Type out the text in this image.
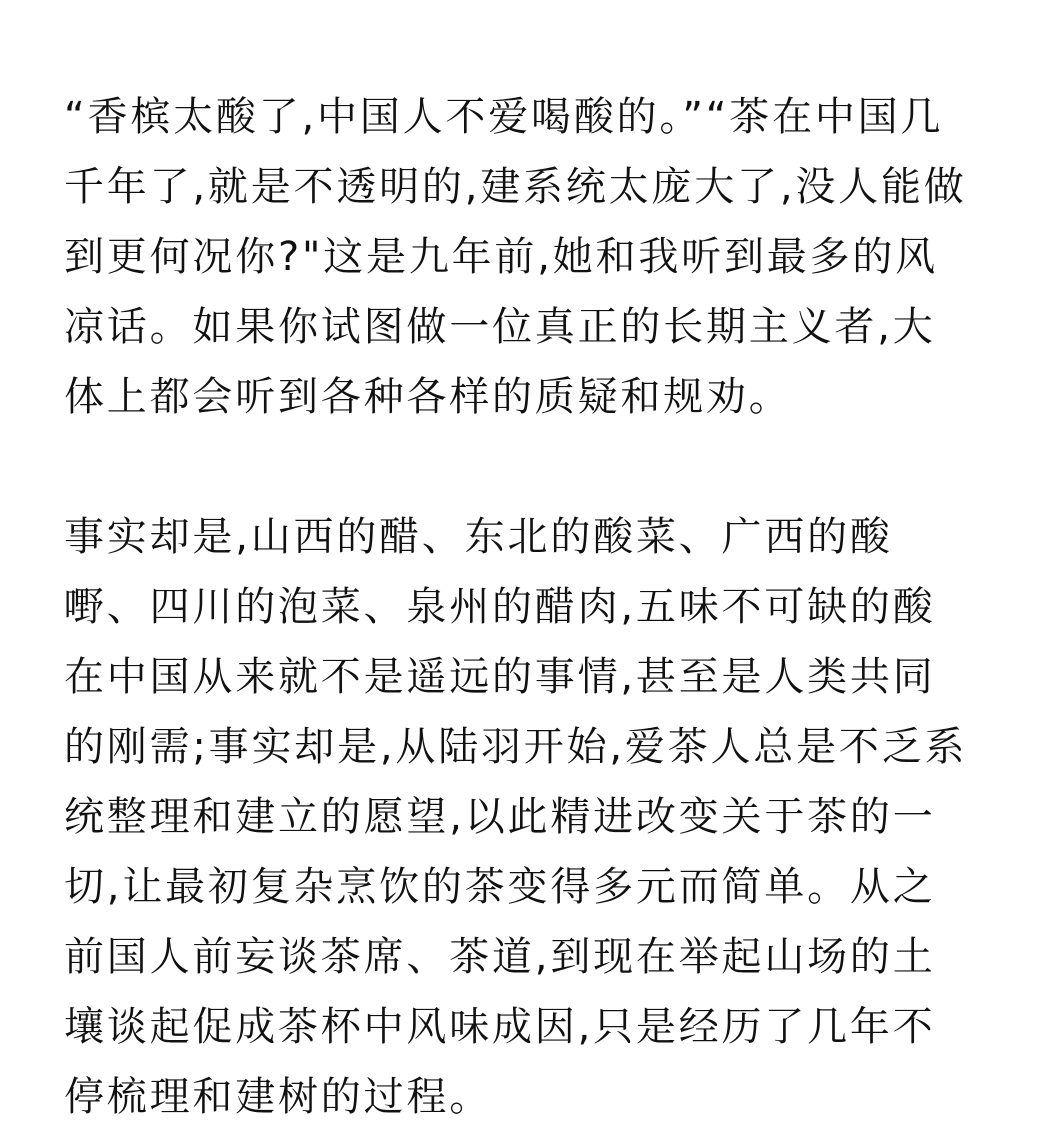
“香槟太酸了,中国人不爱喝酸的。”“茶在中国几千年了,就是不透明的,建系统太庞大了,没人能做到更何况你?"这是九年前,她和我听到最多的风凉话。如果你试图做一位真正的长期主义者,大体上都会听到各种各样的质疑和规劝。

事实却是,山西的醋、东北的酸菜、广西的酸嘢、四川的泡菜、泉州的醋肉,五味不可缺的酸在中国从来就不是遥远的事情,甚至是人类共同的刚需;事实却是,从陆羽开始,爱茶人总是不乏系统整理和建立的愿望,以此精进改变关于茶的一切,让最初复杂烹饮的茶变得多元而简单。从之前国人前妄谈茶席、茶道,到现在举起山场的土壤谈起促成茶杯中风味成因,只是经历了几年不停梳理和建树的过程。
